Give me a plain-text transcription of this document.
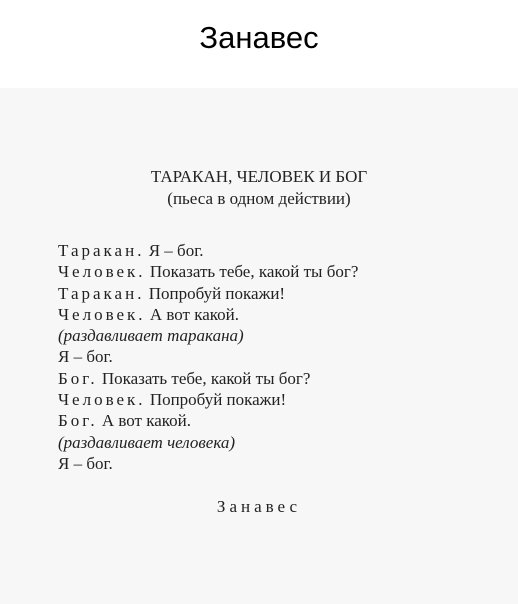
Занавес
ТАРАКАН, ЧЕЛОВЕК И БОГ
(пьеса в одном действии)
Таракан. Я – бог.
Человек. Показать тебе, какой ты бог?
Таракан. Попробуй покажи!
Человек. А вот какой.
(раздавливает таракана)
Я – бог.
Бог. Показать тебе, какой ты бог?
Человек. Попробуй покажи!
Бог. А вот какой.
(раздавливает человека)
Я – бог.
Занавес
